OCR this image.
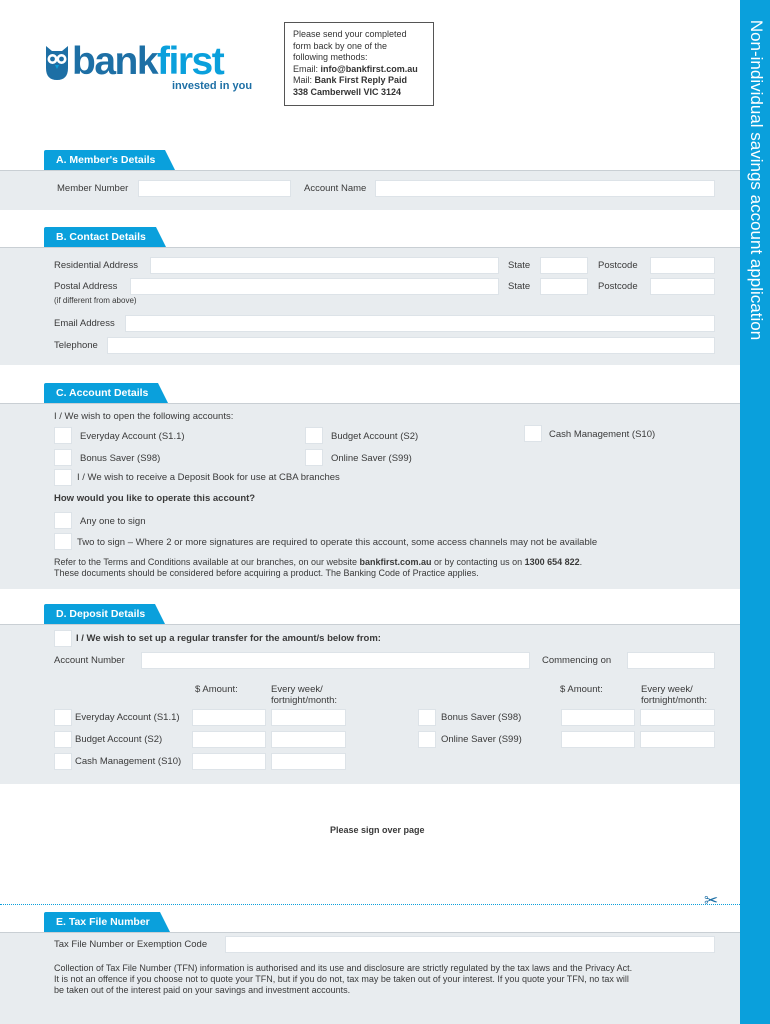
Non-individual savings account application
bankfirst
invested in you
Please send your completed
form back by one of the
following methods:
Email: info@bankfirst.com.au
Mail: Bank First Reply Paid
338 Camberwell VIC 3124
A. Member's Details
Member Number	Account Name
B. Contact Details
Residential Address	State	Postcode
Postal Address	State	Postcode
(if different from above)
Email Address
Telephone
C. Account Details
I / We wish to open the following accounts:
Everyday Account (S1.1)	Budget Account (S2)	Cash Management (S10)
Bonus Saver (S98)	Online Saver (S99)
I / We wish to receive a Deposit Book for use at CBA branches
How would you like to operate this account?
Any one to sign
Two to sign – Where 2 or more signatures are required to operate this account, some access channels may not be available
Refer to the Terms and Conditions available at our branches, on our website bankfirst.com.au or by contacting us on 1300 654 822.
These documents should be considered before acquiring a product. The Banking Code of Practice applies.
D. Deposit Details
I / We wish to set up a regular transfer for the amount/s below from:
Account Number	Commencing on
$ Amount:	Every week/
fortnight/month:
$ Amount:	Every week/
fortnight/month:
Everyday Account (S1.1)	Bonus Saver (S98)
Budget Account (S2)	Online Saver (S99)
Cash Management (S10)
Please sign over page
✂
E. Tax File Number
Tax File Number or Exemption Code
Collection of Tax File Number (TFN) information is authorised and its use and disclosure are strictly regulated by the tax laws and the Privacy Act.
It is not an offence if you choose not to quote your TFN, but if you do not, tax may be taken out of your interest. If you quote your TFN, no tax will
be taken out of the interest paid on your savings and investment accounts.
